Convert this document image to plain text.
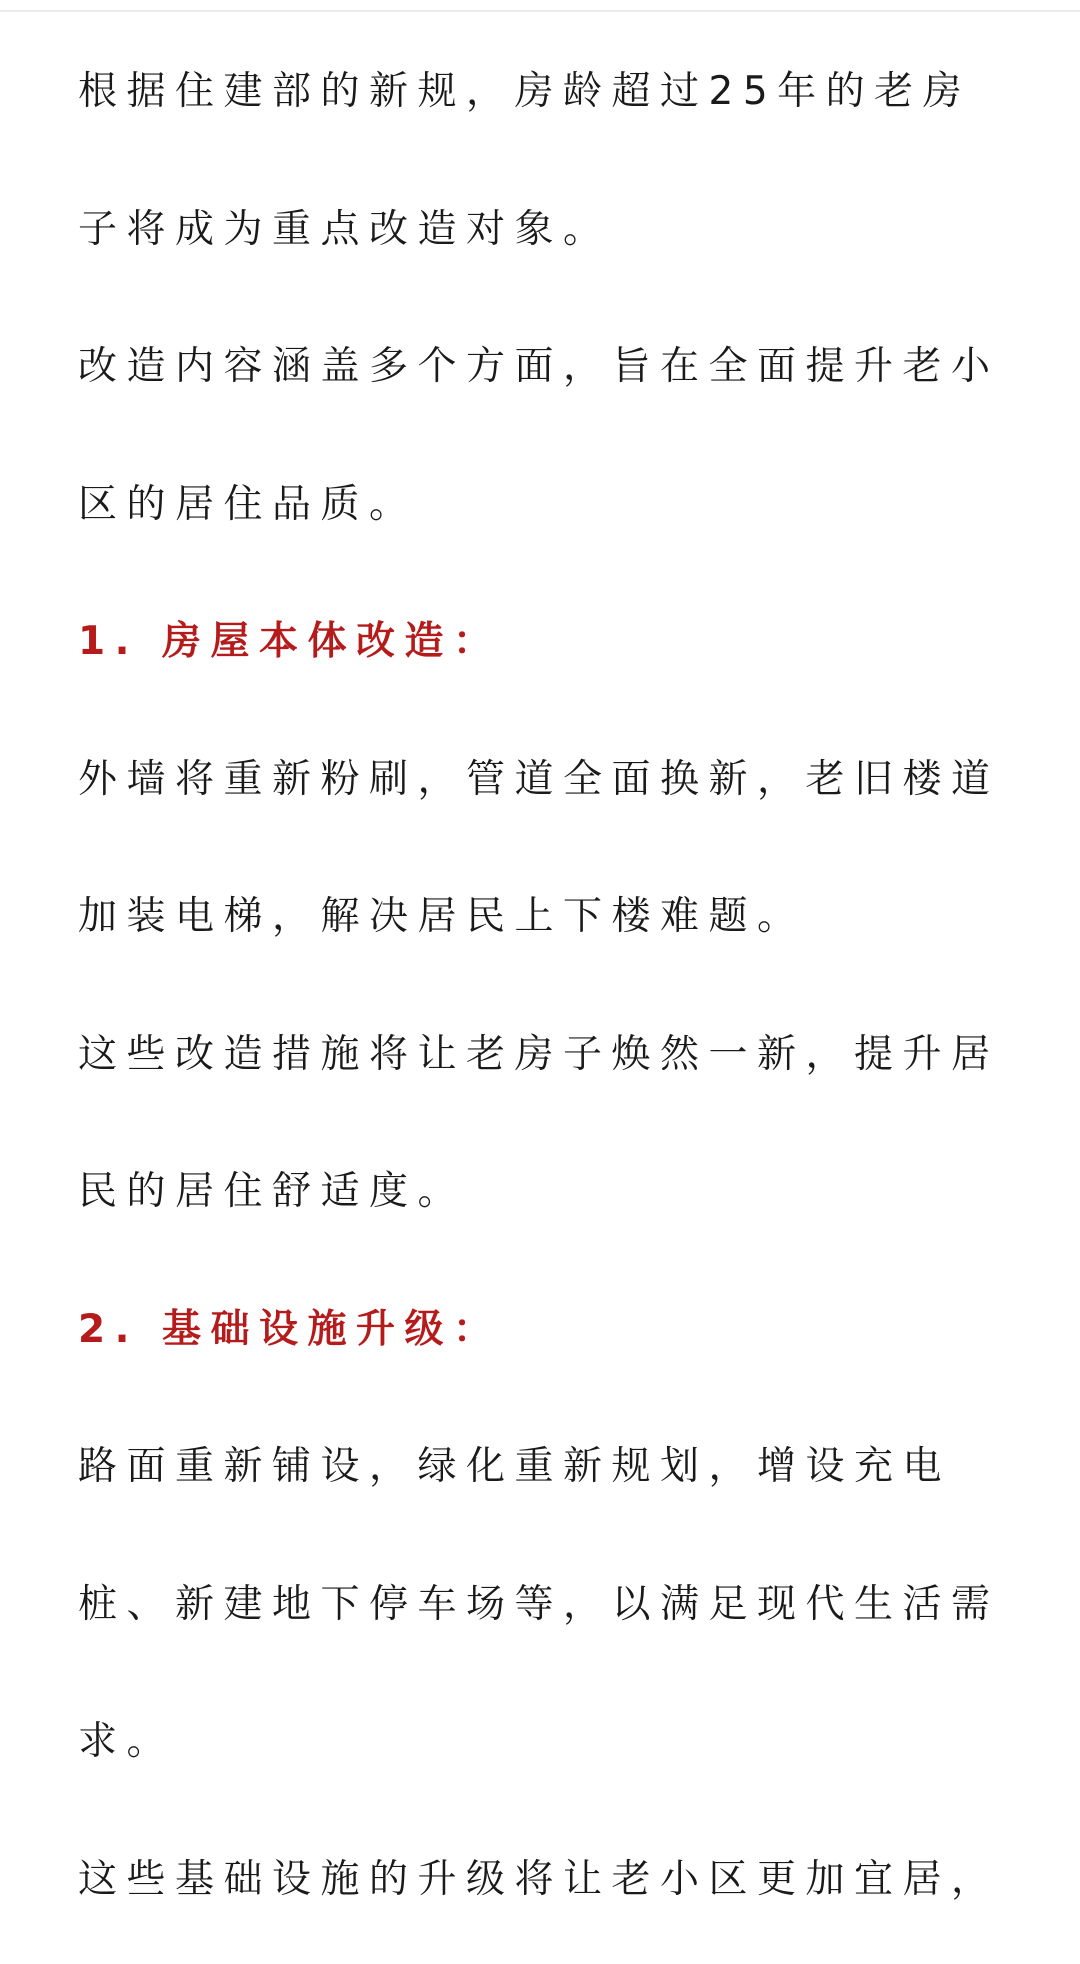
根据住建部的新规，房龄超过25年的老房
子将成为重点改造对象。

改造内容涵盖多个方面，旨在全面提升老小
区的居住品质。

1. 房屋本体改造：

外墙将重新粉刷，管道全面换新，老旧楼道
加装电梯，解决居民上下楼难题。

这些改造措施将让老房子焕然一新，提升居
民的居住舒适度。

2. 基础设施升级：

路面重新铺设，绿化重新规划，增设充电
桩、新建地下停车场等，以满足现代生活需
求。

这些基础设施的升级将让老小区更加宜居，
